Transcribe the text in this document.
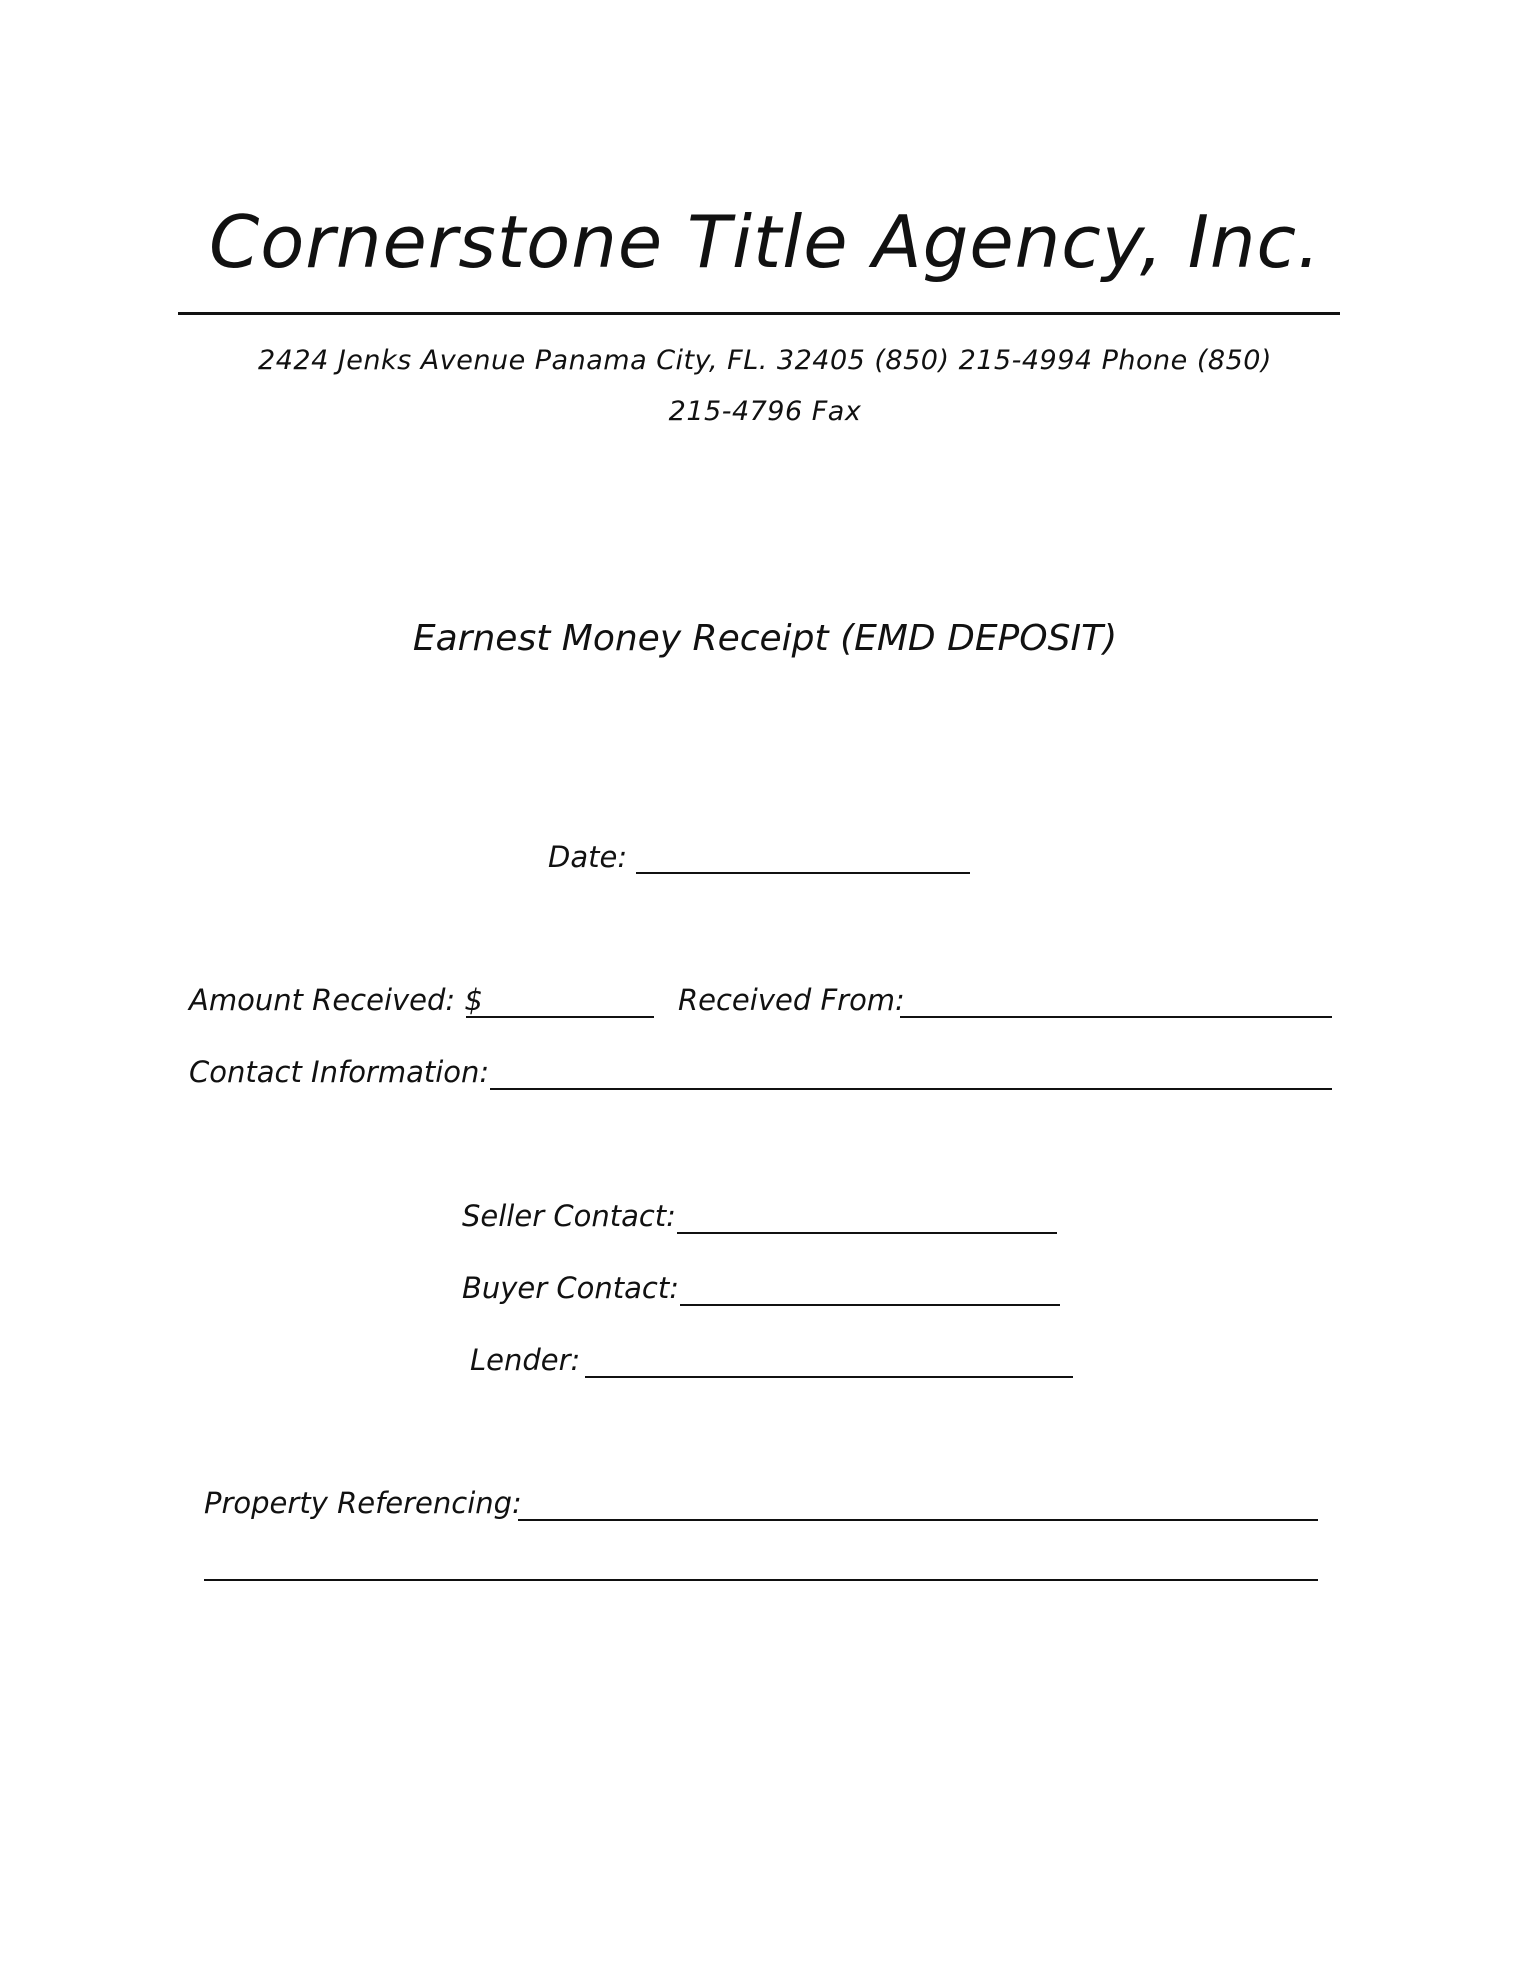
Cornerstone Title Agency, Inc.
2424 Jenks Avenue Panama City, FL. 32405 (850) 215-4994 Phone (850)
215-4796 Fax
Earnest Money Receipt (EMD DEPOSIT)
Date:
Amount Received: $	Received From:
Contact Information:
Seller Contact:
Buyer Contact:
Lender:
Property Referencing:
